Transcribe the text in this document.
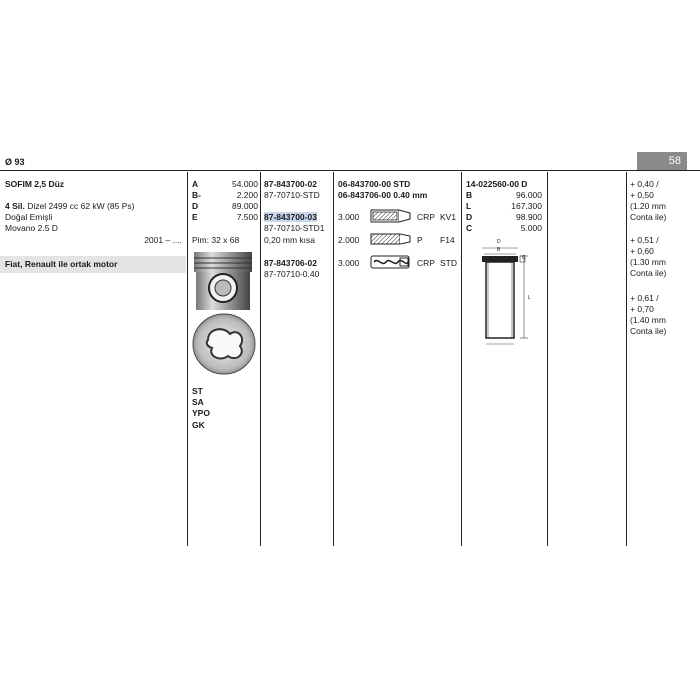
Ø 93	58
SOFIM 2,5 Düz
4 Sil. Dizel 2499 cc 62 kW (85 Ps)
Doğal Emişli
Movano 2.5 D
2001 – ....
Fiat, Renault ile ortak motor
A	54.000
B-	2.200
D	89.000
E	7.500
Pim: 32 x 68
ST
SA
YPO
GK
87-843700-02
87-70710-STD
87-843700-03
87-70710-STD1
0,20 mm kısa
87-843706-02
87-70710-0.40
06-843700-00 STD
06-843706-00 0.40 mm
3.000	CRP KV1
2.000	P F14
3.000	CRP STD
14-022560-00 D
B	96.000
L	167.300
D	98.900
C	5.000
D
B
C
L
+ 0,40 /
+ 0,50
(1.20 mm
Conta ile)
+ 0,51 /
+ 0,60
(1.30 mm
Conta ile)
+ 0,61 /
+ 0,70
(1.40 mm
Conta ile)
